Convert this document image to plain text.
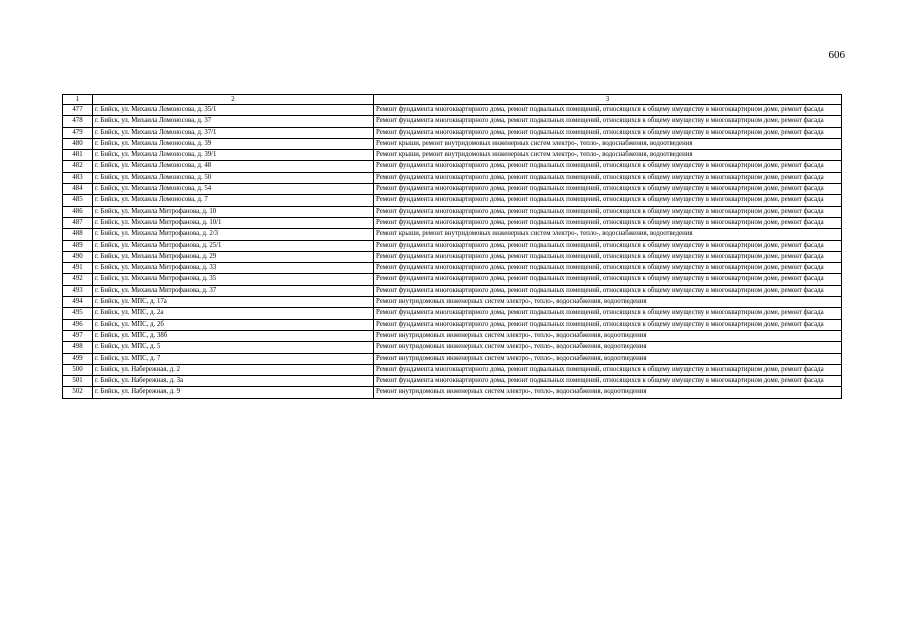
606
1	2	3
477	г. Бийск, ул. Михаила Ломоносова, д. 35/1	Ремонт фундамента многоквартирного дома, ремонт подвальных помещений, относящихся к общему имуществу в многоквартирном доме, ремонт фасада
478	г. Бийск, ул. Михаила Ломоносова, д. 37	Ремонт фундамента многоквартирного дома, ремонт подвальных помещений, относящихся к общему имуществу в многоквартирном доме, ремонт фасада
479	г. Бийск, ул. Михаила Ломоносова, д. 37/1	Ремонт фундамента многоквартирного дома, ремонт подвальных помещений, относящихся к общему имуществу в многоквартирном доме, ремонт фасада
480	г. Бийск, ул. Михаила Ломоносова, д. 39	Ремонт крыши, ремонт внутридомовых инженерных систем электро-, тепло-, водоснабжения, водоотведения
481	г. Бийск, ул. Михаила Ломоносова, д. 39/1	Ремонт крыши, ремонт внутридомовых инженерных систем электро-, тепло-, водоснабжения, водоотведения
482	г. Бийск, ул. Михаила Ломоносова, д. 48	Ремонт фундамента многоквартирного дома, ремонт подвальных помещений, относящихся к общему имуществу в многоквартирном доме, ремонт фасада
483	г. Бийск, ул. Михаила Ломоносова, д. 50	Ремонт фундамента многоквартирного дома, ремонт подвальных помещений, относящихся к общему имуществу в многоквартирном доме, ремонт фасада
484	г. Бийск, ул. Михаила Ломоносова, д. 54	Ремонт фундамента многоквартирного дома, ремонт подвальных помещений, относящихся к общему имуществу в многоквартирном доме, ремонт фасада
485	г. Бийск, ул. Михаила Ломоносова, д. 7	Ремонт фундамента многоквартирного дома, ремонт подвальных помещений, относящихся к общему имуществу в многоквартирном доме, ремонт фасада
486	г. Бийск, ул. Михаила Митрофанова, д. 10	Ремонт фундамента многоквартирного дома, ремонт подвальных помещений, относящихся к общему имуществу в многоквартирном доме, ремонт фасада
487	г. Бийск, ул. Михаила Митрофанова, д. 10/1	Ремонт фундамента многоквартирного дома, ремонт подвальных помещений, относящихся к общему имуществу в многоквартирном доме, ремонт фасада
488	г. Бийск, ул. Михаила Митрофанова, д. 2/3	Ремонт крыши, ремонт внутридомовых инженерных систем электро-, тепло-, водоснабжения, водоотведения
489	г. Бийск, ул. Михаила Митрофанова, д. 25/1	Ремонт фундамента многоквартирного дома, ремонт подвальных помещений, относящихся к общему имуществу в многоквартирном доме, ремонт фасада
490	г. Бийск, ул. Михаила Митрофанова, д. 29	Ремонт фундамента многоквартирного дома, ремонт подвальных помещений, относящихся к общему имуществу в многоквартирном доме, ремонт фасада
491	г. Бийск, ул. Михаила Митрофанова, д. 33	Ремонт фундамента многоквартирного дома, ремонт подвальных помещений, относящихся к общему имуществу в многоквартирном доме, ремонт фасада
492	г. Бийск, ул. Михаила Митрофанова, д. 35	Ремонт фундамента многоквартирного дома, ремонт подвальных помещений, относящихся к общему имуществу в многоквартирном доме, ремонт фасада
493	г. Бийск, ул. Михаила Митрофанова, д. 37	Ремонт фундамента многоквартирного дома, ремонт подвальных помещений, относящихся к общему имуществу в многоквартирном доме, ремонт фасада
494	г. Бийск, ул. МПС, д. 17а	Ремонт внутридомовых инженерных систем электро-, тепло-, водоснабжения, водоотведения
495	г. Бийск, ул. МПС, д. 2а	Ремонт фундамента многоквартирного дома, ремонт подвальных помещений, относящихся к общему имуществу в многоквартирном доме, ремонт фасада
496	г. Бийск, ул. МПС, д. 2б	Ремонт фундамента многоквартирного дома, ремонт подвальных помещений, относящихся к общему имуществу в многоквартирном доме, ремонт фасада
497	г. Бийск, ул. МПС, д. 38б	Ремонт внутридомовых инженерных систем электро-, тепло-, водоснабжения, водоотведения
498	г. Бийск, ул. МПС, д. 5	Ремонт внутридомовых инженерных систем электро-, тепло-, водоснабжения, водоотведения
499	г. Бийск, ул. МПС, д. 7	Ремонт внутридомовых инженерных систем электро-, тепло-, водоснабжения, водоотведения
500	г. Бийск, ул. Набережная, д. 2	Ремонт фундамента многоквартирного дома, ремонт подвальных помещений, относящихся к общему имуществу в многоквартирном доме, ремонт фасада
501	г. Бийск, ул. Набережная, д. 3а	Ремонт фундамента многоквартирного дома, ремонт подвальных помещений, относящихся к общему имуществу в многоквартирном доме, ремонт фасада
502	г. Бийск, ул. Набережная, д. 9	Ремонт внутридомовых инженерных систем электро-, тепло-, водоснабжения, водоотведения
